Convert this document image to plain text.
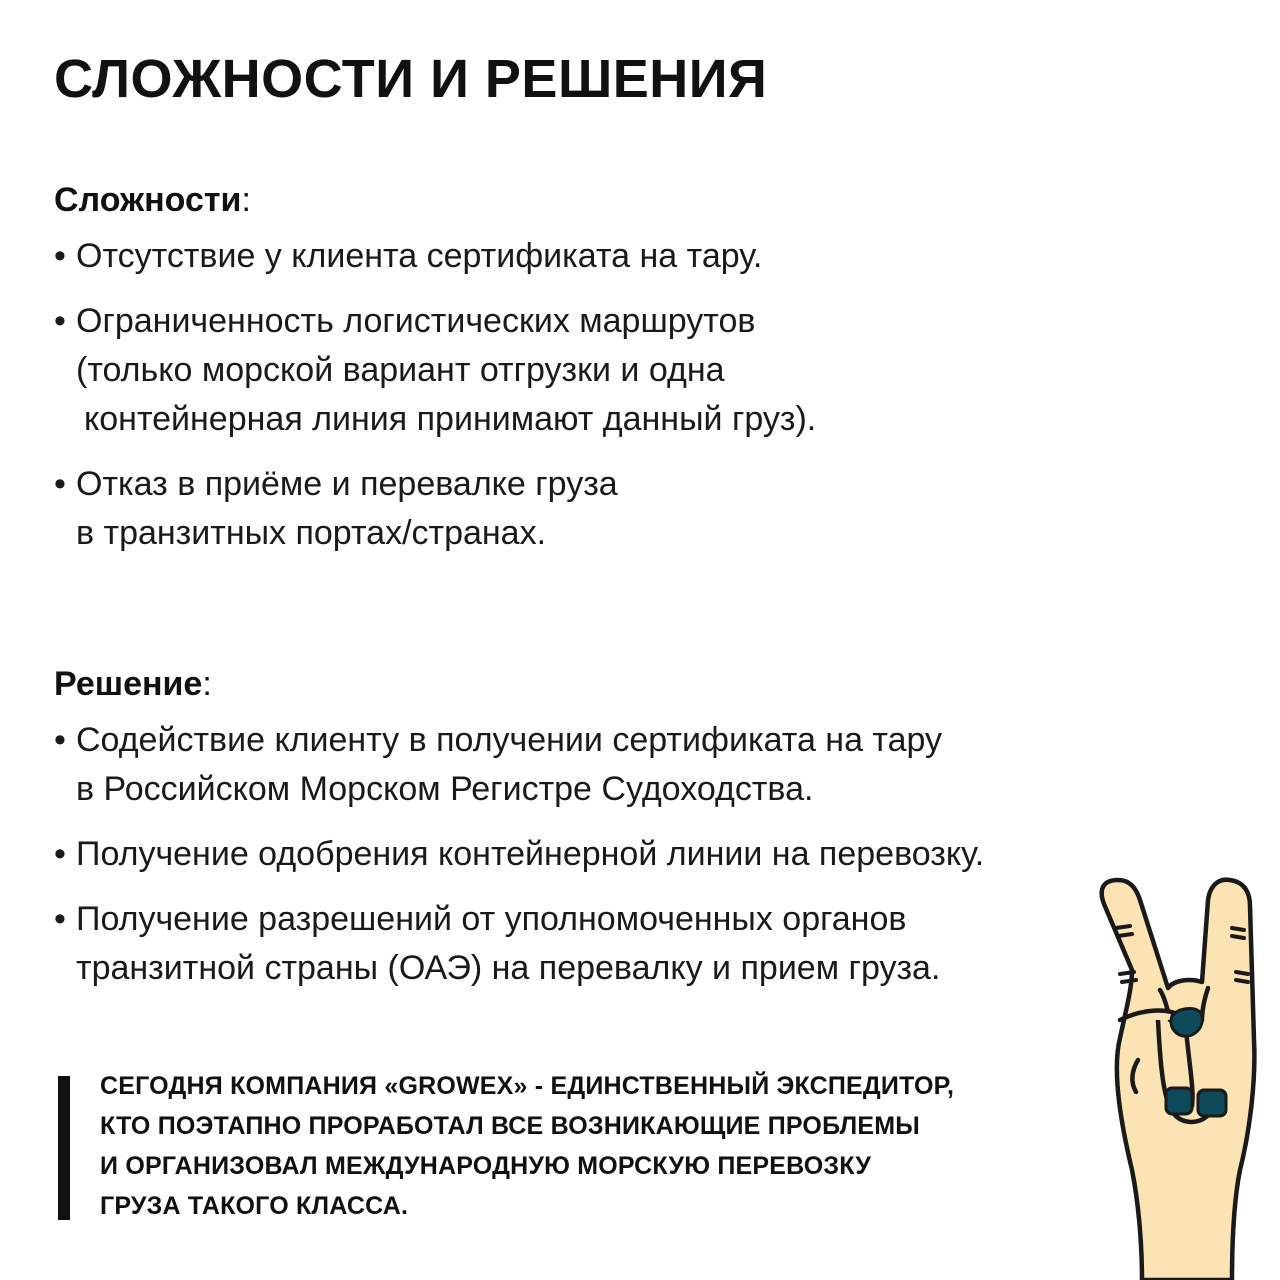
СЛОЖНОСТИ И РЕШЕНИЯ
Сложности:
• Отсутствие у клиента сертификата на тару.
• Ограниченность логистических маршрутов
(только морской вариант отгрузки и одна
контейнерная линия принимают данный груз).
• Отказ в приёме и перевалке груза
в транзитных портах/странах.
Решение:
• Содействие клиенту в получении сертификата на тару
в Российском Морском Регистре Судоходства.
• Получение одобрения контейнерной линии на перевозку.
• Получение разрешений от уполномоченных органов
транзитной страны (ОАЭ) на перевалку и прием груза.
СЕГОДНЯ КОМПАНИЯ «GROWEX» - ЕДИНСТВЕННЫЙ ЭКСПЕДИТОР,
КТО ПОЭТАПНО ПРОРАБОТАЛ ВСЕ ВОЗНИКАЮЩИЕ ПРОБЛЕМЫ
И ОРГАНИЗОВАЛ МЕЖДУНАРОДНУЮ МОРСКУЮ ПЕРЕВОЗКУ
ГРУЗА ТАКОГО КЛАССА.
